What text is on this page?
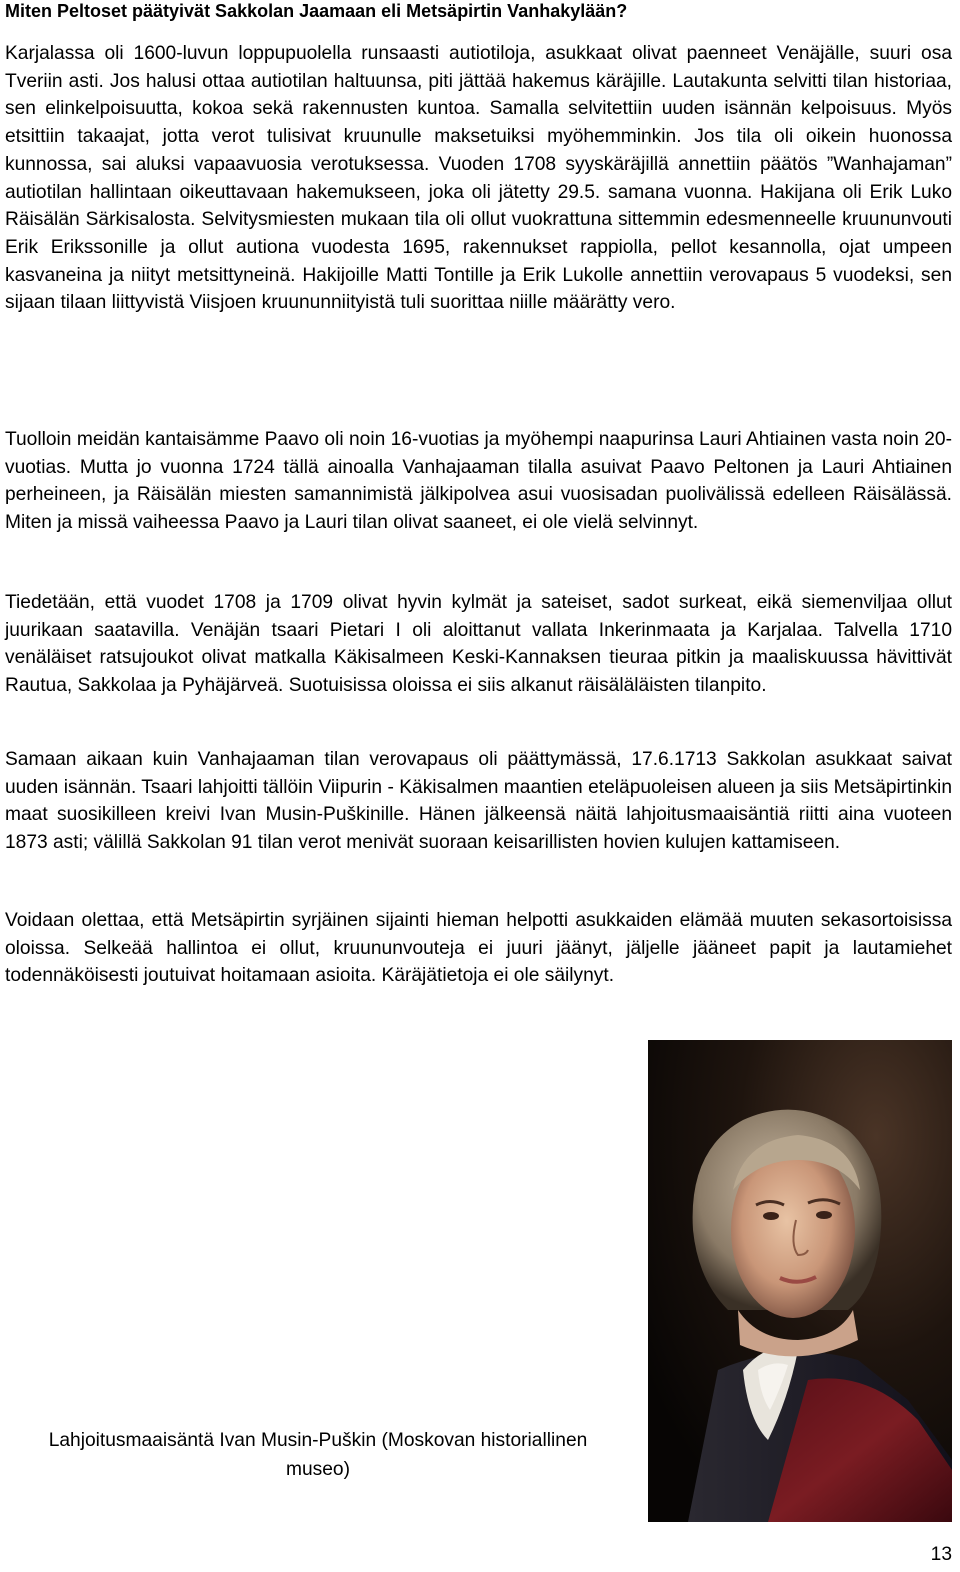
Miten Peltoset päätyivät Sakkolan Jaamaan eli Metsäpirtin Vanhakylään?

Karjalassa oli 1600-luvun loppupuolella runsaasti autiotiloja, asukkaat olivat paenneet Venäjälle, suuri osa Tveriin asti. Jos halusi ottaa autiotilan haltuunsa, piti jättää hakemus käräjille. Lautakunta selvitti tilan historiaa, sen elinkelpoisuutta, kokoa sekä rakennusten kuntoa. Samalla selvitettiin uuden isännän kelpoisuus. Myös etsittiin takaajat, jotta verot tulisivat kruunulle maksetuiksi myöhemminkin. Jos tila oli oikein huonossa kunnossa, sai aluksi vapaavuosia verotuksessa. Vuoden 1708 syyskäräjillä annettiin päätös ”Wanhajaman” autiotilan hallintaan oikeuttavaan hakemukseen, joka oli jätetty 29.5. samana vuonna. Hakijana oli Erik Luko Räisälän Särkisalosta. Selvitysmiesten mukaan tila oli ollut vuokrattuna sittemmin edesmenneelle kruununvouti Erik Erikssonille ja ollut autiona vuodesta 1695, rakennukset rappiolla, pellot kesannolla, ojat umpeen kasvaneina ja niityt metsittyneinä. Hakijoille Matti Tontille ja Erik Lukolle annettiin verovapaus 5 vuodeksi, sen sijaan tilaan liittyvistä Viisjoen kruununniityistä tuli suorittaa niille määrätty vero.

Tuolloin meidän kantaisämme Paavo oli noin 16-vuotias ja myöhempi naapurinsa Lauri Ahtiainen vasta noin 20-vuotias. Mutta jo vuonna 1724 tällä ainoalla Vanhajaaman tilalla asuivat Paavo Peltonen ja Lauri Ahtiainen perheineen, ja Räisälän miesten samannimistä jälkipolvea asui vuosisadan puolivälissä edelleen Räisälässä. Miten ja missä vaiheessa Paavo ja Lauri tilan olivat saaneet, ei ole vielä selvinnyt.

Tiedetään, että vuodet 1708 ja 1709 olivat hyvin kylmät ja sateiset, sadot surkeat, eikä siemenviljaa ollut juurikaan saatavilla. Venäjän tsaari Pietari I oli aloittanut vallata Inkerinmaata ja Karjalaa. Talvella 1710 venäläiset ratsujoukot olivat matkalla Käkisalmeen Keski-Kannaksen tieuraa pitkin ja maaliskuussa hävittivät Rautua, Sakkolaa ja Pyhäjärveä. Suotuisissa oloissa ei siis alkanut räisäläläisten tilanpito.

Samaan aikaan kuin Vanhajaaman tilan verovapaus oli päättymässä, 17.6.1713 Sakkolan asukkaat saivat uuden isännän. Tsaari lahjoitti tällöin Viipurin - Käkisalmen maantien eteläpuoleisen alueen ja siis Metsäpirtinkin maat suosikilleen kreivi Ivan Musin-Puškinille. Hänen jälkeensä näitä lahjoitusmaaisäntiä riitti aina vuoteen 1873 asti; välillä Sakkolan 91 tilan verot menivät suoraan keisarillisten hovien kulujen kattamiseen.

Voidaan olettaa, että Metsäpirtin syrjäinen sijainti hieman helpotti asukkaiden elämää muuten sekasortoisissa oloissa. Selkeää hallintoa ei ollut, kruununvouteja ei juuri jäänyt, jäljelle jääneet papit ja lautamiehet todennäköisesti joutuivat hoitamaan asioita. Käräjätietoja ei ole säilynyt.

Lahjoitusmaaisäntä Ivan Musin-Puškin (Moskovan historiallinen museo)
13
